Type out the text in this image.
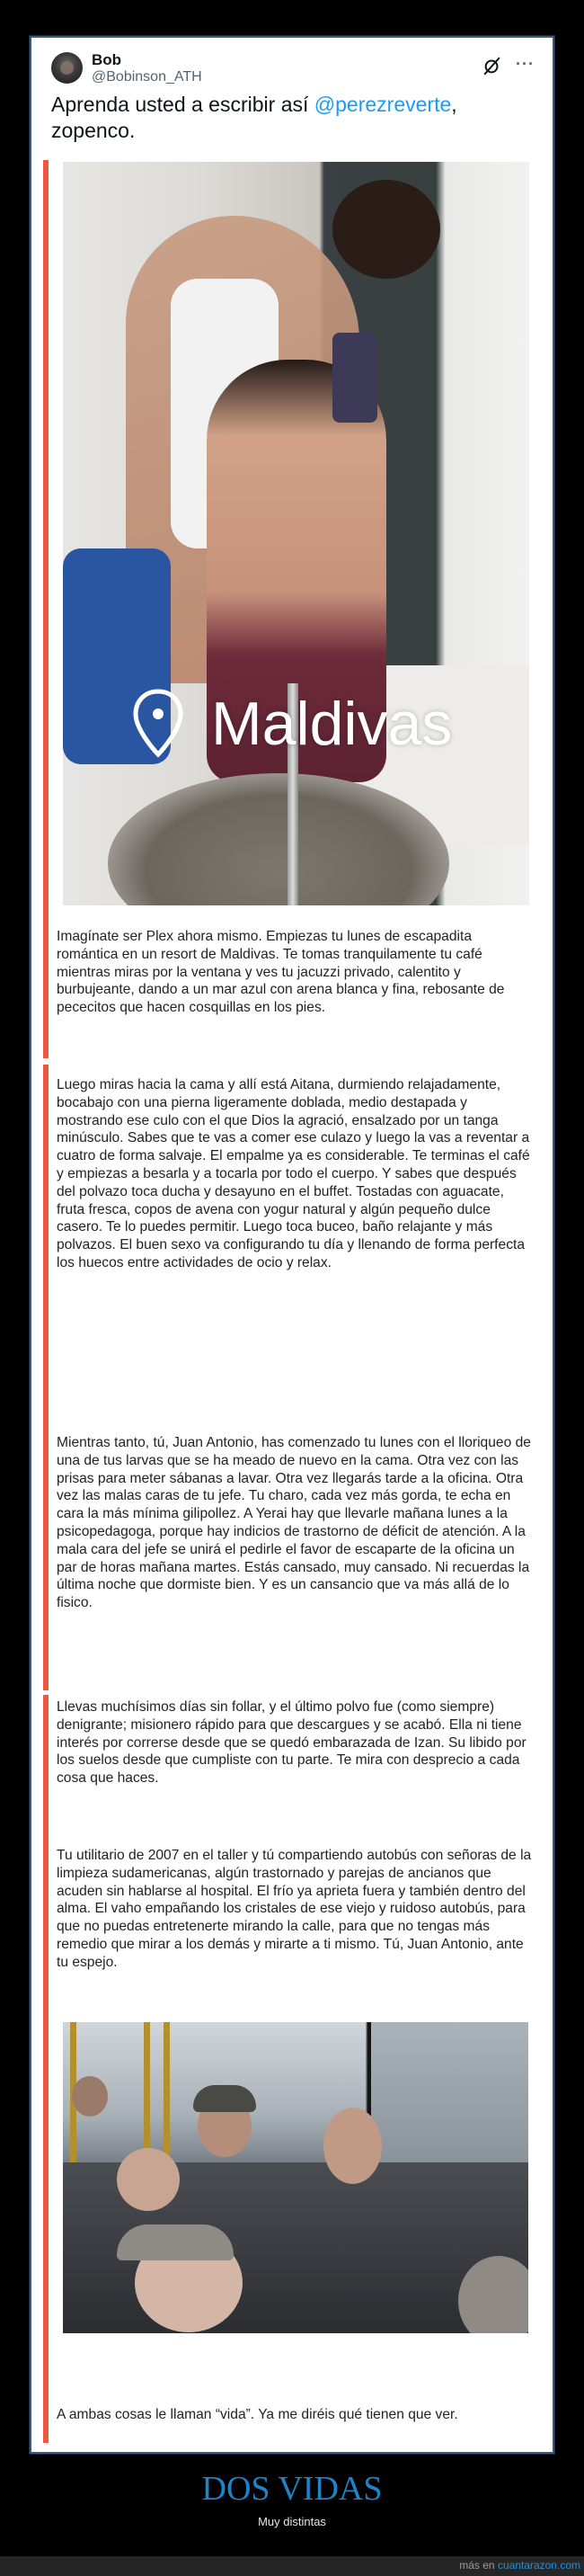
Bob
@Bobinson_ATH
···
Aprenda usted a escribir así @perezreverte,
zopenco.
Maldivas
Imagínate ser Plex ahora mismo. Empiezas tu lunes de escapadita romántica en un resort de Maldivas. Te tomas tranquilamente tu café mientras miras por la ventana y ves tu jacuzzi privado, calentito y burbujeante, dando a un mar azul con arena blanca y fina, rebosante de pececitos que hacen cosquillas en los pies.
Luego miras hacia la cama y allí está Aitana, durmiendo relajadamente, bocabajo con una pierna ligeramente doblada, medio destapada y mostrando ese culo con el que Dios la agració, ensalzado por un tanga minúsculo. Sabes que te vas a comer ese culazo y luego la vas a reventar a cuatro de forma salvaje. El empalme ya es considerable. Te terminas el café y empiezas a besarla y a tocarla por todo el cuerpo. Y sabes que después del polvazo toca ducha y desayuno en el buffet. Tostadas con aguacate, fruta fresca, copos de avena con yogur natural y algún pequeño dulce casero. Te lo puedes permitir. Luego toca buceo, baño relajante y más polvazos. El buen sexo va configurando tu día y llenando de forma perfecta los huecos entre actividades de ocio y relax.
Mientras tanto, tú, Juan Antonio, has comenzado tu lunes con el lloriqueo de una de tus larvas que se ha meado de nuevo en la cama. Otra vez con las prisas para meter sábanas a lavar. Otra vez llegarás tarde a la oficina. Otra vez las malas caras de tu jefe. Tu charo, cada vez más gorda, te echa en cara la más mínima gilipollez. A Yerai hay que llevarle mañana lunes a la psicopedagoga, porque hay indicios de trastorno de déficit de atención. A la mala cara del jefe se unirá el pedirle el favor de escaparte de la oficina un par de horas mañana martes. Estás cansado, muy cansado. Ni recuerdas la última noche que dormiste bien. Y es un cansancio que va más allá de lo fisico.
Llevas muchísimos días sin follar, y el último polvo fue (como siempre) denigrante; misionero rápido para que descargues y se acabó. Ella ni tiene interés por correrse desde que se quedó embarazada de Izan. Su libido por los suelos desde que cumpliste con tu parte. Te mira con desprecio a cada cosa que haces.
Tu utilitario de 2007 en el taller y tú compartiendo autobús con señoras de la limpieza sudamericanas, algún trastornado y parejas de ancianos que acuden sin hablarse al hospital. El frío ya aprieta fuera y también dentro del alma. El vaho empañando los cristales de ese viejo y ruidoso autobús, para que no puedas entretenerte mirando la calle, para que no tengas más remedio que mirar a los demás y mirarte a ti mismo. Tú, Juan Antonio, ante tu espejo.
A ambas cosas le llaman “vida”. Ya me diréis qué tienen que ver.
DOS VIDAS
Muy distintas
más en cuantarazon.com
